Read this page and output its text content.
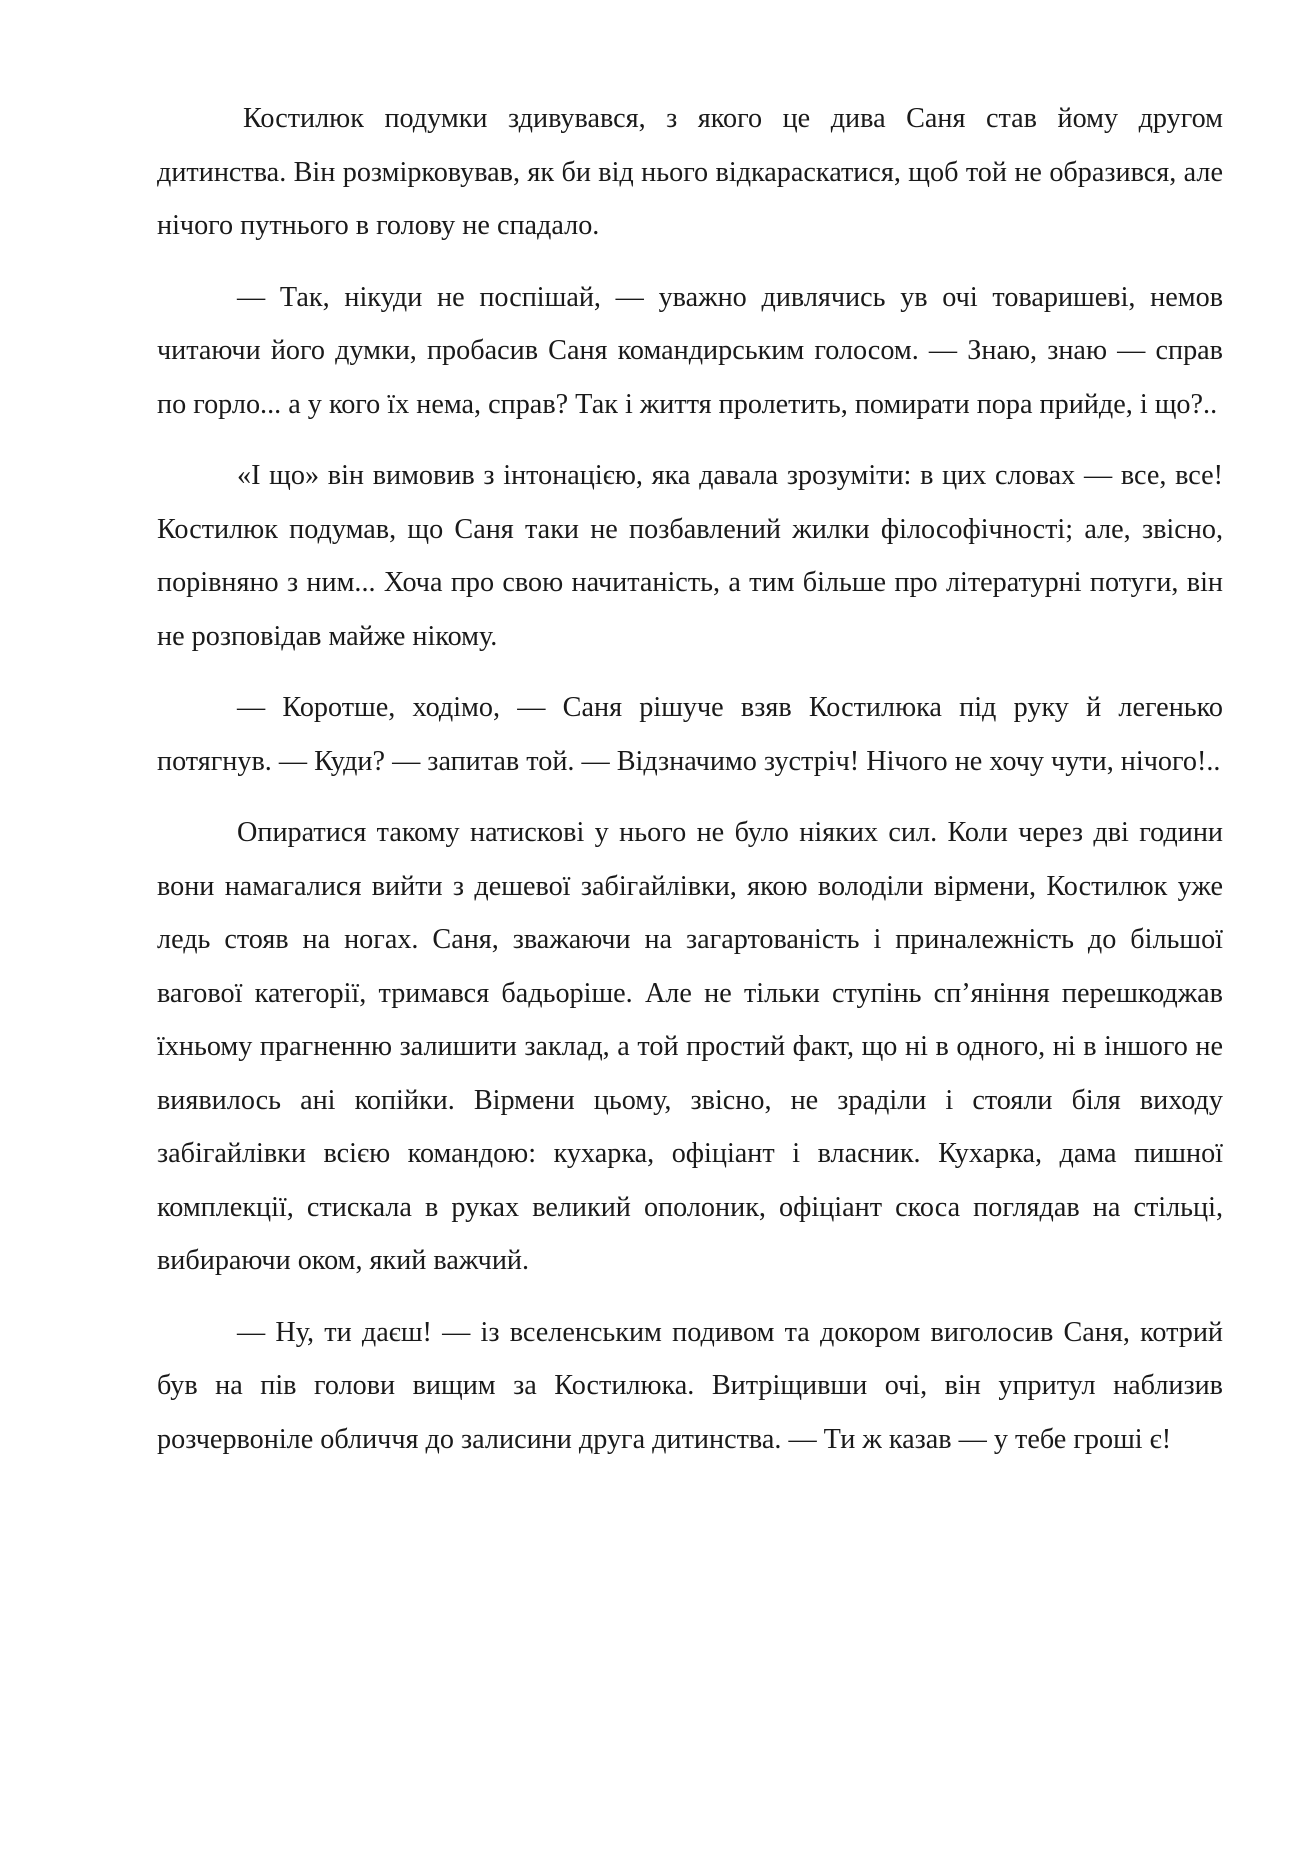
Костилюк подумки здивувався, з якого це дива Саня став йому другом дитинства. Він розмірковував, як би від нього відкараскатися, щоб той не образився, але нічого путнього в голову не спадало.

— Так, нікуди не поспішай, — уважно дивлячись ув очі товаришеві, немов читаючи його думки, пробасив Саня командирським голосом. — Знаю, знаю — справ по горло... а у кого їх нема, справ? Так і життя пролетить, помирати пора прийде, і що?..

«І що» він вимовив з інтонацією, яка давала зрозуміти: в цих словах — все, все! Костилюк подумав, що Саня таки не позбавлений жилки філософічності; але, звісно, порівняно з ним... Хоча про свою начитаність, а тим більше про літературні потуги, він не розповідав майже нікому.

— Коротше, ходімо, — Саня рішуче взяв Костилюка під руку й легенько потягнув. — Куди? — запитав той. — Відзначимо зустріч! Нічого не хочу чути, нічого!..

Опиратися такому натискові у нього не було ніяких сил. Коли через дві години вони намагалися вийти з дешевої забігайлівки, якою володіли вірмени, Костилюк уже ледь стояв на ногах. Саня, зважаючи на загартованість і приналежність до більшої вагової категорії, тримався бадьоріше. Але не тільки ступінь сп’яніння перешкоджав їхньому прагненню залишити заклад, а той простий факт, що ні в одного, ні в іншого не виявилось ані копійки. Вірмени цьому, звісно, не зраділи і стояли біля виходу забігайлівки всією командою: кухарка, офіціант і власник. Кухарка, дама пишної комплекції, стискала в руках великий ополоник, офіціант скоса поглядав на стільці, вибираючи оком, який важчий.

— Ну, ти даєш! — із вселенським подивом та докором виголосив Саня, котрий був на пів голови вищим за Костилюка. Витріщивши очі, він упритул наблизив розчервоніле обличчя до залисини друга дитинства. — Ти ж казав — у тебе гроші є!
